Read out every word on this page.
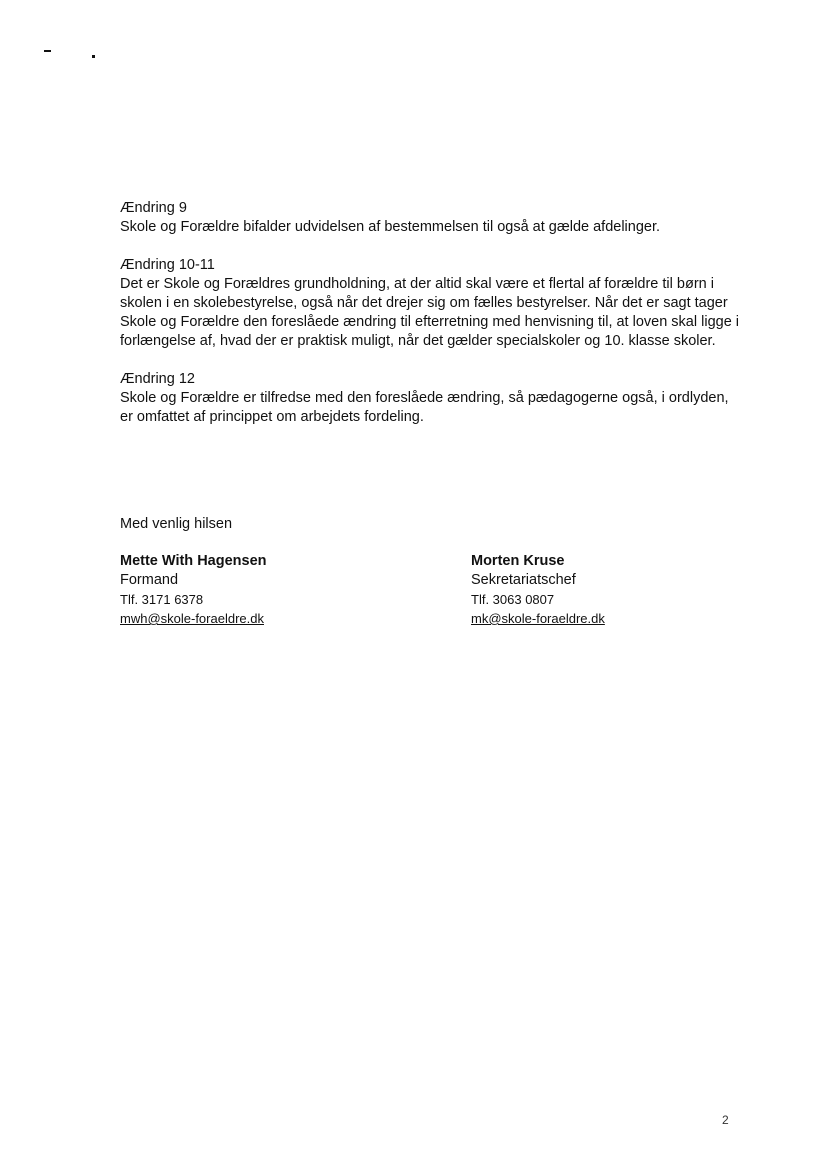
Ændring 9

Skole og Forældre bifalder udvidelsen af bestemmelsen til også at gælde afdelinger.

Ændring 10-11

Det er Skole og Forældres grundholdning, at der altid skal være et flertal af forældre til børn i skolen i en skolebestyrelse, også når det drejer sig om fælles bestyrelser. Når det er sagt tager Skole og Forældre den foreslåede ændring til efterretning med henvisning til, at loven skal ligge i forlængelse af, hvad der er praktisk muligt, når det gælder specialskoler og 10. klasse skoler.

Ændring 12

Skole og Forældre er tilfredse med den foreslåede ændring, så pædagogerne også, i ordlyden, er omfattet af princippet om arbejdets fordeling.

Med venlig hilsen
Mette With Hagensen
Formand
Tlf. 3171 6378
mwh@skole-foraeldre.dk
Morten Kruse
Sekretariatschef
Tlf. 3063 0807
mk@skole-foraeldre.dk
2
